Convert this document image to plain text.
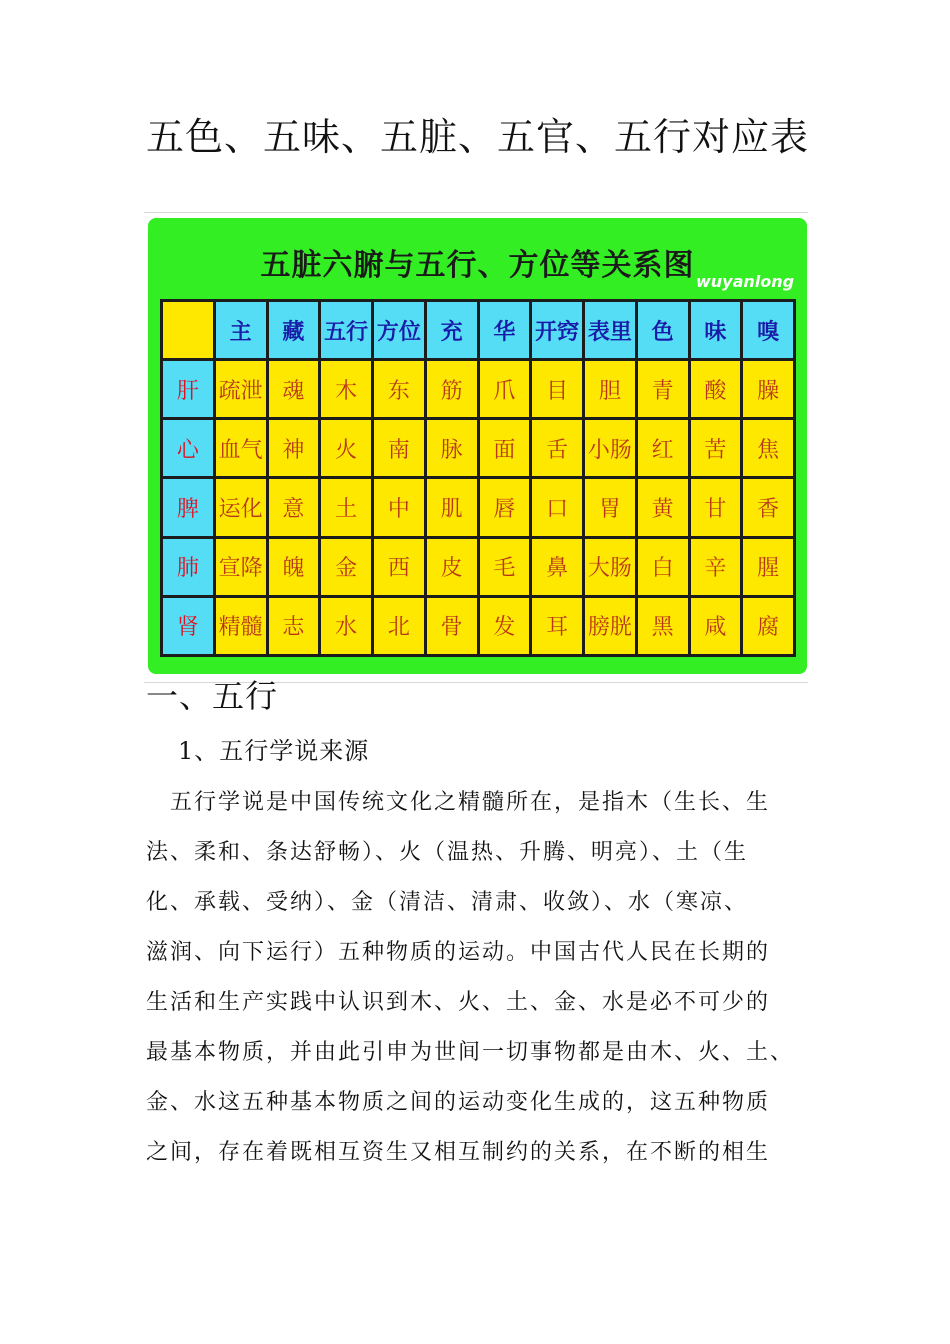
五色、五味、五脏、五官、五行对应表
五脏六腑与五行、方位等关系图 wuyanlong
	主	藏	五行	方位	充	华	开窍	表里	色	味	嗅
肝	疏泄	魂	木	东	筋	爪	目	胆	青	酸	臊
心	血气	神	火	南	脉	面	舌	小肠	红	苦	焦
脾	运化	意	土	中	肌	唇	口	胃	黄	甘	香
肺	宣降	魄	金	西	皮	毛	鼻	大肠	白	辛	腥
肾	精髓	志	水	北	骨	发	耳	膀胱	黑	咸	腐
一、五行
1、五行学说来源
　五行学说是中国传统文化之精髓所在，是指木（生长、生
法、柔和、条达舒畅）、火（温热、升腾、明亮）、土（生
化、承载、受纳）、金（清洁、清肃、收敛）、水（寒凉、
滋润、向下运行）五种物质的运动。中国古代人民在长期的
生活和生产实践中认识到木、火、土、金、水是必不可少的
最基本物质，并由此引申为世间一切事物都是由木、火、土、
金、水这五种基本物质之间的运动变化生成的，这五种物质
之间，存在着既相互资生又相互制约的关系，在不断的相生
